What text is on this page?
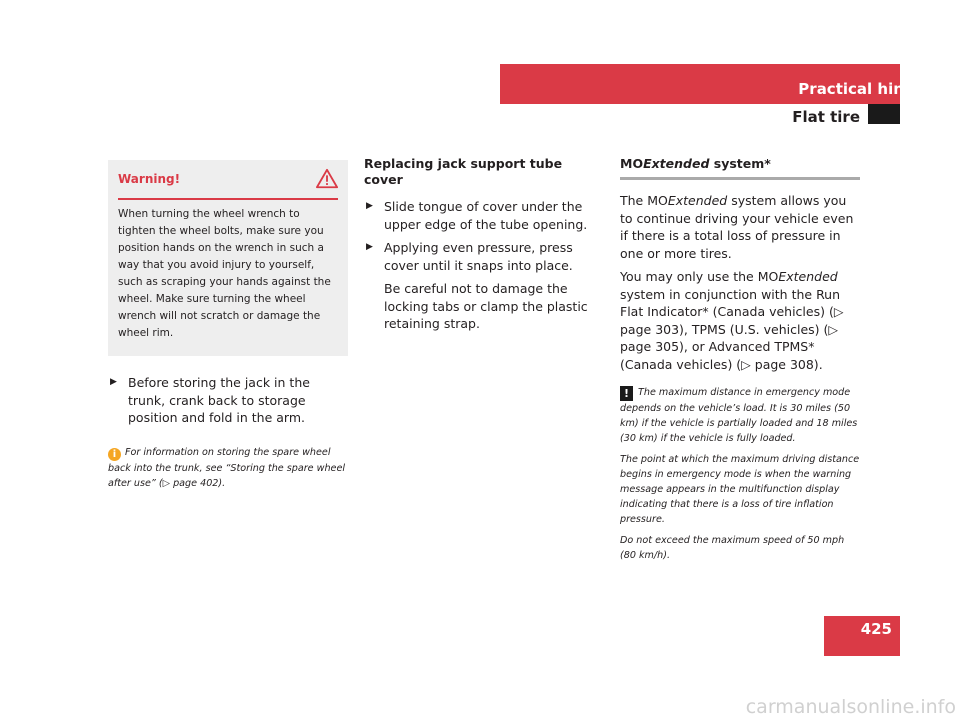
Practical hints
Flat tire
Warning!
When turning the wheel wrench to tighten the wheel bolts, make sure you position hands on the wrench in such a way that you avoid injury to yourself, such as scraping your hands against the wheel. Make sure turning the wheel wrench will not scratch or damage the wheel rim.
▶ Before storing the jack in the trunk, crank back to storage position and fold in the arm.
i For information on storing the spare wheel back into the trunk, see “Storing the spare wheel after use” (▷ page 402).
Replacing jack support tube cover
▶ Slide tongue of cover under the upper edge of the tube opening.
▶ Applying even pressure, press cover until it snaps into place.
Be careful not to damage the locking tabs or clamp the plastic retaining strap.
MOExtended system*
The MOExtended system allows you to continue driving your vehicle even if there is a total loss of pressure in one or more tires.
You may only use the MOExtended system in conjunction with the Run Flat Indicator* (Canada vehicles) (▷ page 303), TPMS (U.S. vehicles) (▷ page 305), or Advanced TPMS* (Canada vehicles) (▷ page 308).
! The maximum distance in emergency mode depends on the vehicle’s load. It is 30 miles (50 km) if the vehicle is partially loaded and 18 miles (30 km) if the vehicle is fully loaded.
The point at which the maximum driving distance begins in emergency mode is when the warning message appears in the multifunction display indicating that there is a loss of tire inflation pressure.
Do not exceed the maximum speed of 50 mph (80 km/h).
425
carmanualsonline.info
